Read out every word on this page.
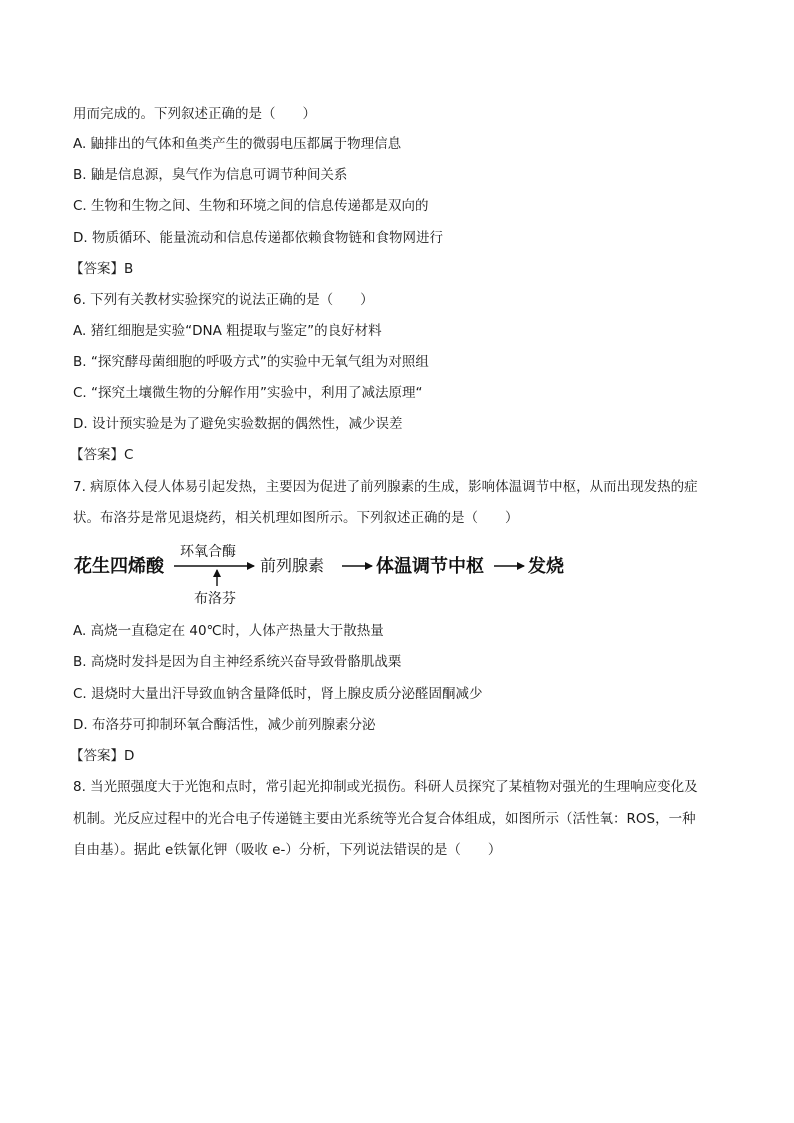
用而完成的。下列叙述正确的是（　　）
A. 鼬排出的气体和鱼类产生的微弱电压都属于物理信息
B. 鼬是信息源，臭气作为信息可调节种间关系
C. 生物和生物之间、生物和环境之间的信息传递都是双向的
D. 物质循环、能量流动和信息传递都依赖食物链和食物网进行
【答案】B
6. 下列有关教材实验探究的说法正确的是（　　）
A. 猪红细胞是实验“DNA 粗提取与鉴定”的良好材料
B. “探究酵母菌细胞的呼吸方式”的实验中无氧气组为对照组
C. “探究土壤微生物的分解作用”实验中，利用了减法原理“
D. 设计预实验是为了避免实验数据的偶然性，减少误差
【答案】C
7. 病原体入侵人体易引起发热，主要因为促进了前列腺素的生成，影响体温调节中枢，从而出现发热的症
状。布洛芬是常见退烧药，相关机理如图所示。下列叙述正确的是（　　）
花生四烯酸
环氧合酶
布洛芬
前列腺素	体温调节中枢 发烧
A. 高烧一直稳定在 40℃时，人体产热量大于散热量
B. 高烧时发抖是因为自主神经系统兴奋导致骨骼肌战栗
C. 退烧时大量出汗导致血钠含量降低时，肾上腺皮质分泌醛固酮减少
D. 布洛芬可抑制环氧合酶活性，减少前列腺素分泌
【答案】D
8. 当光照强度大于光饱和点时，常引起光抑制或光损伤。科研人员探究了某植物对强光的生理响应变化及
机制。光反应过程中的光合电子传递链主要由光系统等光合复合体组成，如图所示（活性氧：ROS，一种
自由基）。据此 e铁氰化钾（吸收 e-）分析，下列说法错误的是（　　）
